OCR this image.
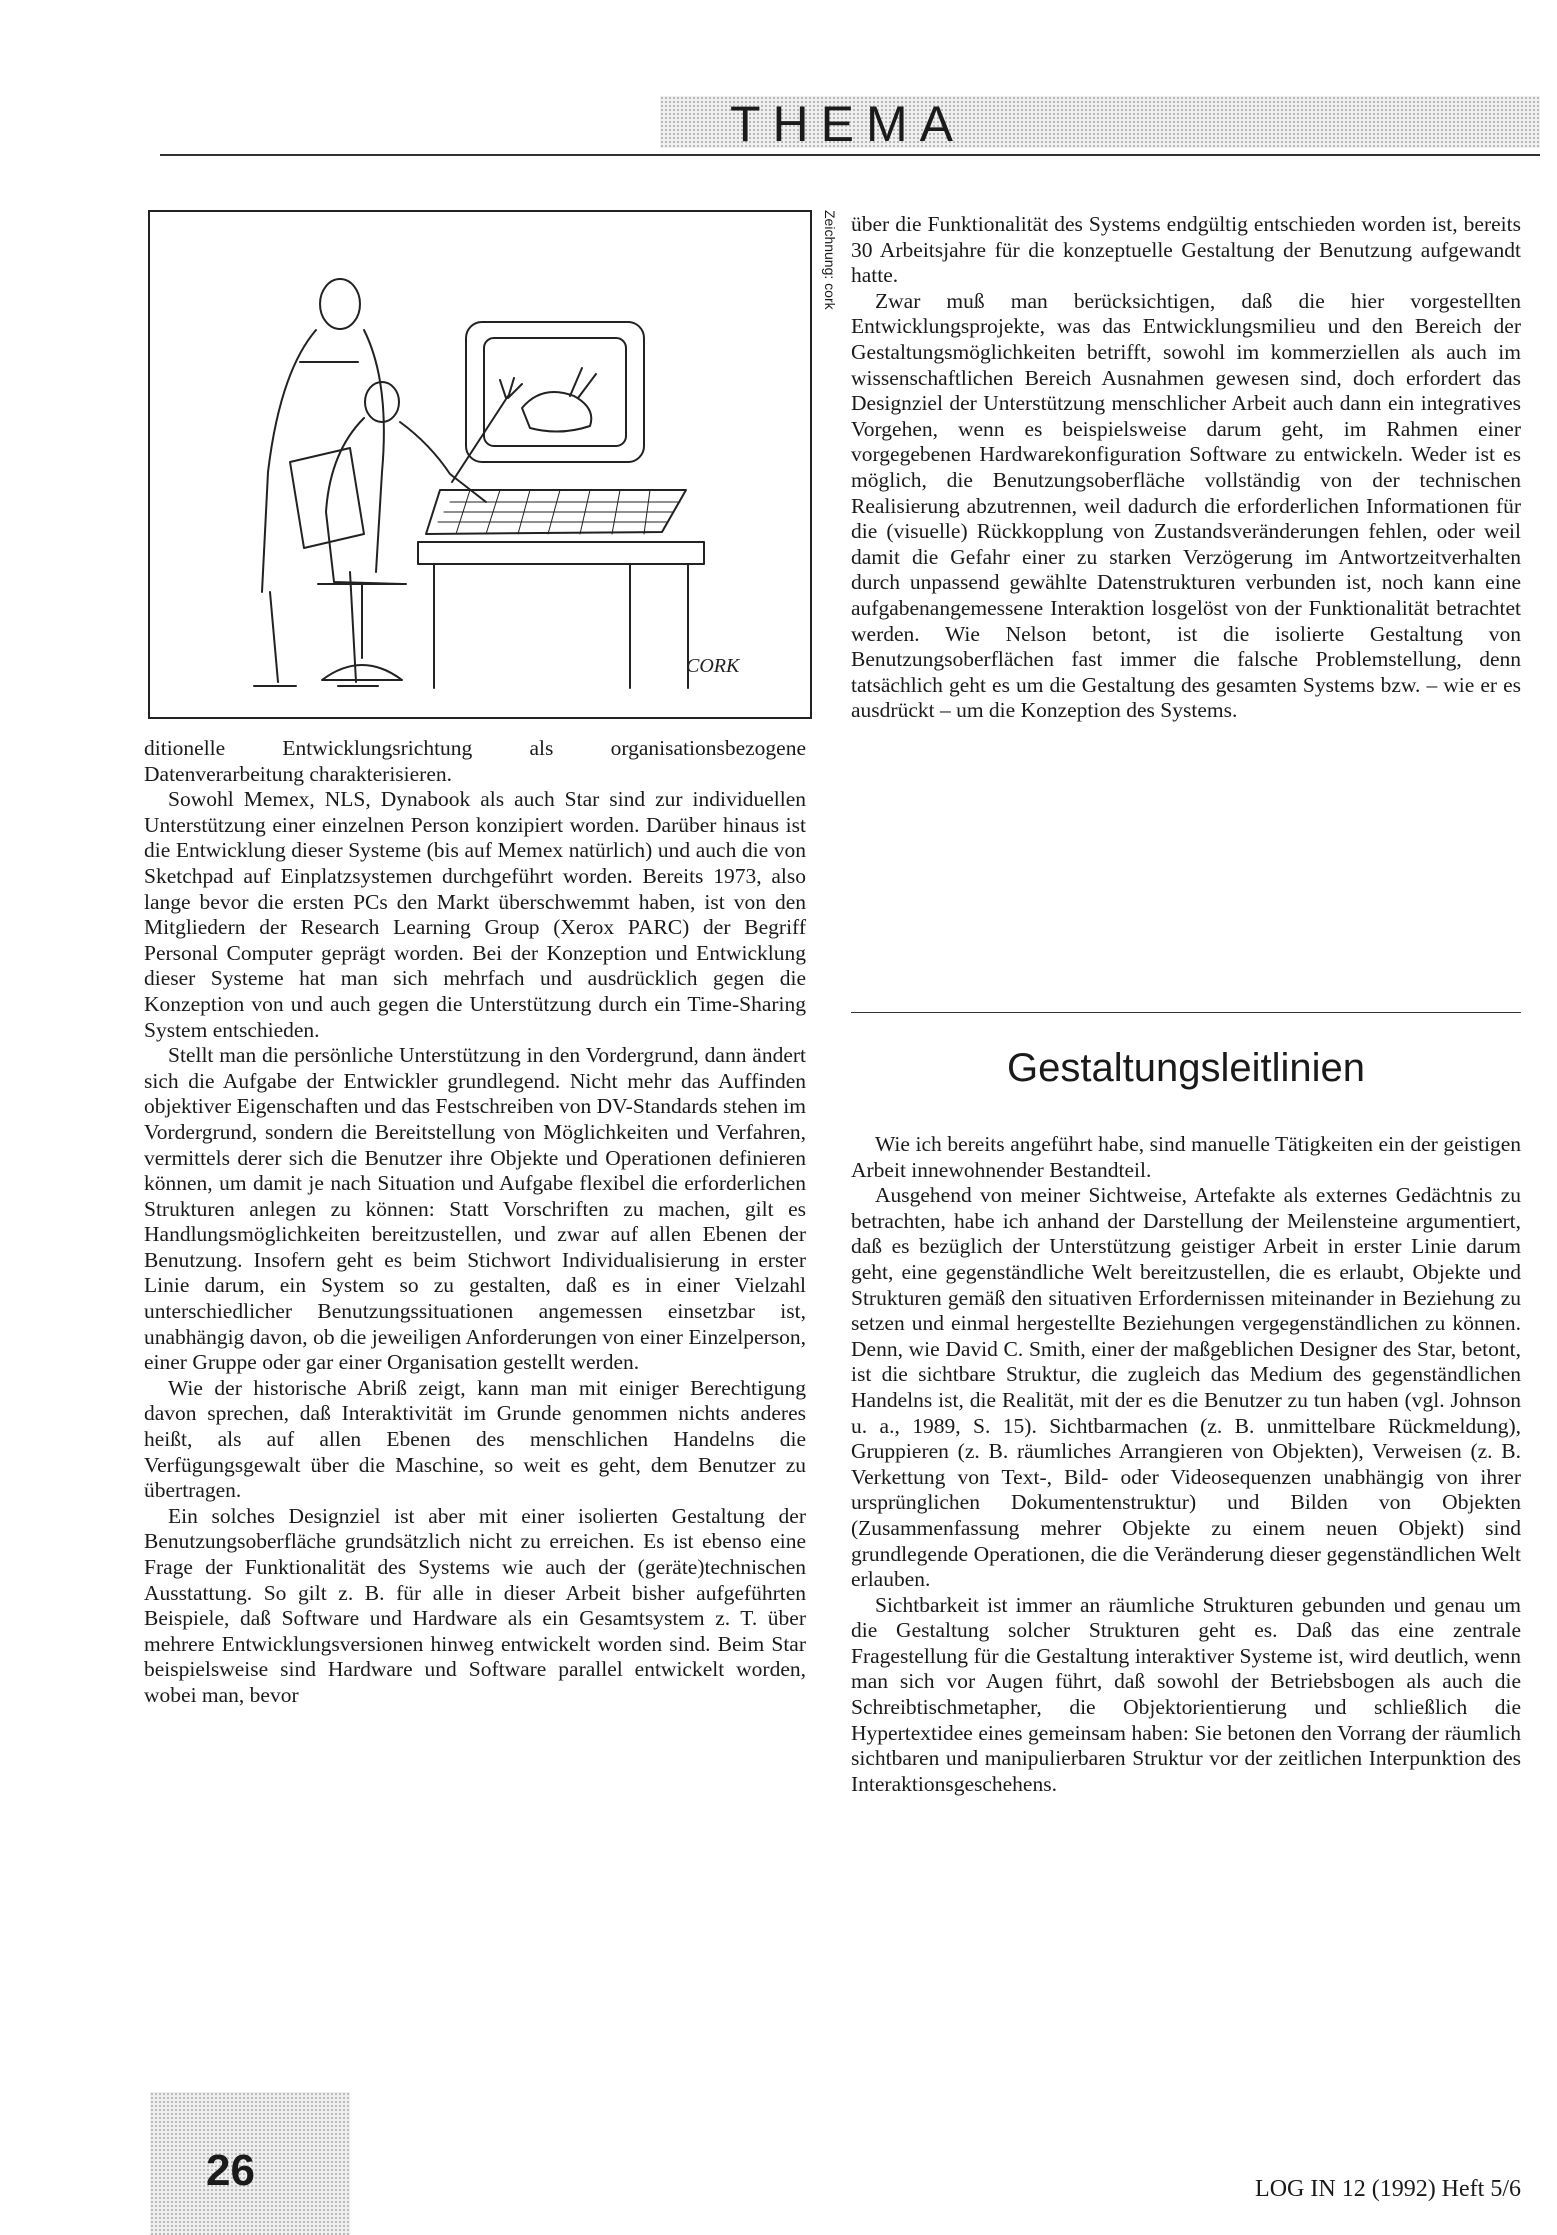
THEMA
CORK
Zeichnung: cork

ditionelle Entwicklungsrichtung als organisationsbezogene Datenverarbeitung charakterisieren.

Sowohl Memex, NLS, Dynabook als auch Star sind zur individuellen Unterstützung einer einzelnen Person konzipiert worden. Darüber hinaus ist die Entwicklung dieser Systeme (bis auf Memex natürlich) und auch die von Sketchpad auf Einplatzsystemen durchgeführt worden. Bereits 1973, also lange bevor die ersten PCs den Markt überschwemmt haben, ist von den Mitgliedern der Research Learning Group (Xerox PARC) der Begriff Personal Computer geprägt worden. Bei der Konzeption und Entwicklung dieser Systeme hat man sich mehrfach und ausdrücklich gegen die Konzeption von und auch gegen die Unterstützung durch ein Time-Sharing System entschieden.

Stellt man die persönliche Unterstützung in den Vordergrund, dann ändert sich die Aufgabe der Entwickler grundlegend. Nicht mehr das Auffinden objektiver Eigenschaften und das Festschreiben von DV-Standards stehen im Vordergrund, sondern die Bereitstellung von Möglichkeiten und Verfahren, vermittels derer sich die Benutzer ihre Objekte und Operationen definieren können, um damit je nach Situation und Aufgabe flexibel die erforderlichen Strukturen anlegen zu können: Statt Vorschriften zu machen, gilt es Handlungsmöglichkeiten bereitzustellen, und zwar auf allen Ebenen der Benutzung. Insofern geht es beim Stichwort Individualisierung in erster Linie darum, ein System so zu gestalten, daß es in einer Vielzahl unterschiedlicher Benutzungssituationen angemessen einsetzbar ist, unabhängig davon, ob die jeweiligen Anforderungen von einer Einzelperson, einer Gruppe oder gar einer Organisation gestellt werden.

Wie der historische Abriß zeigt, kann man mit einiger Berechtigung davon sprechen, daß Interaktivität im Grunde genommen nichts anderes heißt, als auf allen Ebenen des menschlichen Handelns die Verfügungsgewalt über die Maschine, so weit es geht, dem Benutzer zu übertragen.

Ein solches Designziel ist aber mit einer isolierten Gestaltung der Benutzungsoberfläche grundsätzlich nicht zu erreichen. Es ist ebenso eine Frage der Funktionalität des Systems wie auch der (geräte)technischen Ausstattung. So gilt z. B. für alle in dieser Arbeit bisher aufgeführten Beispiele, daß Software und Hardware als ein Gesamtsystem z. T. über mehrere Entwicklungsversionen hinweg entwickelt worden sind. Beim Star beispielsweise sind Hardware und Software parallel entwickelt worden, wobei man, bevor

über die Funktionalität des Systems endgültig entschieden worden ist, bereits 30 Arbeitsjahre für die konzeptuelle Gestaltung der Benutzung aufgewandt hatte.

Zwar muß man berücksichtigen, daß die hier vorgestellten Entwicklungsprojekte, was das Entwicklungsmilieu und den Bereich der Gestaltungsmöglichkeiten betrifft, sowohl im kommerziellen als auch im wissenschaftlichen Bereich Ausnahmen gewesen sind, doch erfordert das Designziel der Unterstützung menschlicher Arbeit auch dann ein integratives Vorgehen, wenn es beispielsweise darum geht, im Rahmen einer vorgegebenen Hardwarekonfiguration Software zu entwickeln. Weder ist es möglich, die Benutzungsoberfläche vollständig von der technischen Realisierung abzutrennen, weil dadurch die erforderlichen Informationen für die (visuelle) Rückkopplung von Zustandsveränderungen fehlen, oder weil damit die Gefahr einer zu starken Verzögerung im Antwortzeitverhalten durch unpassend gewählte Datenstrukturen verbunden ist, noch kann eine aufgabenangemessene Interaktion losgelöst von der Funktionalität betrachtet werden. Wie Nelson betont, ist die isolierte Gestaltung von Benutzungsoberflächen fast immer die falsche Problemstellung, denn tatsächlich geht es um die Gestaltung des gesamten Systems bzw. – wie er es ausdrückt – um die Konzeption des Systems.

Gestaltungsleitlinien

Wie ich bereits angeführt habe, sind manuelle Tätigkeiten ein der geistigen Arbeit innewohnender Bestandteil.

Ausgehend von meiner Sichtweise, Artefakte als externes Gedächtnis zu betrachten, habe ich anhand der Darstellung der Meilensteine argumentiert, daß es bezüglich der Unterstützung geistiger Arbeit in erster Linie darum geht, eine gegenständliche Welt bereitzustellen, die es erlaubt, Objekte und Strukturen gemäß den situativen Erfordernissen miteinander in Beziehung zu setzen und einmal hergestellte Beziehungen vergegenständlichen zu können. Denn, wie David C. Smith, einer der maßgeblichen Designer des Star, betont, ist die sichtbare Struktur, die zugleich das Medium des gegenständlichen Handelns ist, die Realität, mit der es die Benutzer zu tun haben (vgl. Johnson u. a., 1989, S. 15). Sichtbarmachen (z. B. unmittelbare Rückmeldung), Gruppieren (z. B. räumliches Arrangieren von Objekten), Verweisen (z. B. Verkettung von Text-, Bild- oder Videosequenzen unabhängig von ihrer ursprünglichen Dokumentenstruktur) und Bilden von Objekten (Zusammenfassung mehrer Objekte zu einem neuen Objekt) sind grundlegende Operationen, die die Veränderung dieser gegenständlichen Welt erlauben.

Sichtbarkeit ist immer an räumliche Strukturen gebunden und genau um die Gestaltung solcher Strukturen geht es. Daß das eine zentrale Fragestellung für die Gestaltung interaktiver Systeme ist, wird deutlich, wenn man sich vor Augen führt, daß sowohl der Betriebsbogen als auch die Schreibtischmetapher, die Objektorientierung und schließlich die Hypertextidee eines gemeinsam haben: Sie betonen den Vorrang der räumlich sichtbaren und manipulierbaren Struktur vor der zeitlichen Interpunktion des Interaktionsgeschehens.

26	LOG IN 12 (1992) Heft 5/6
